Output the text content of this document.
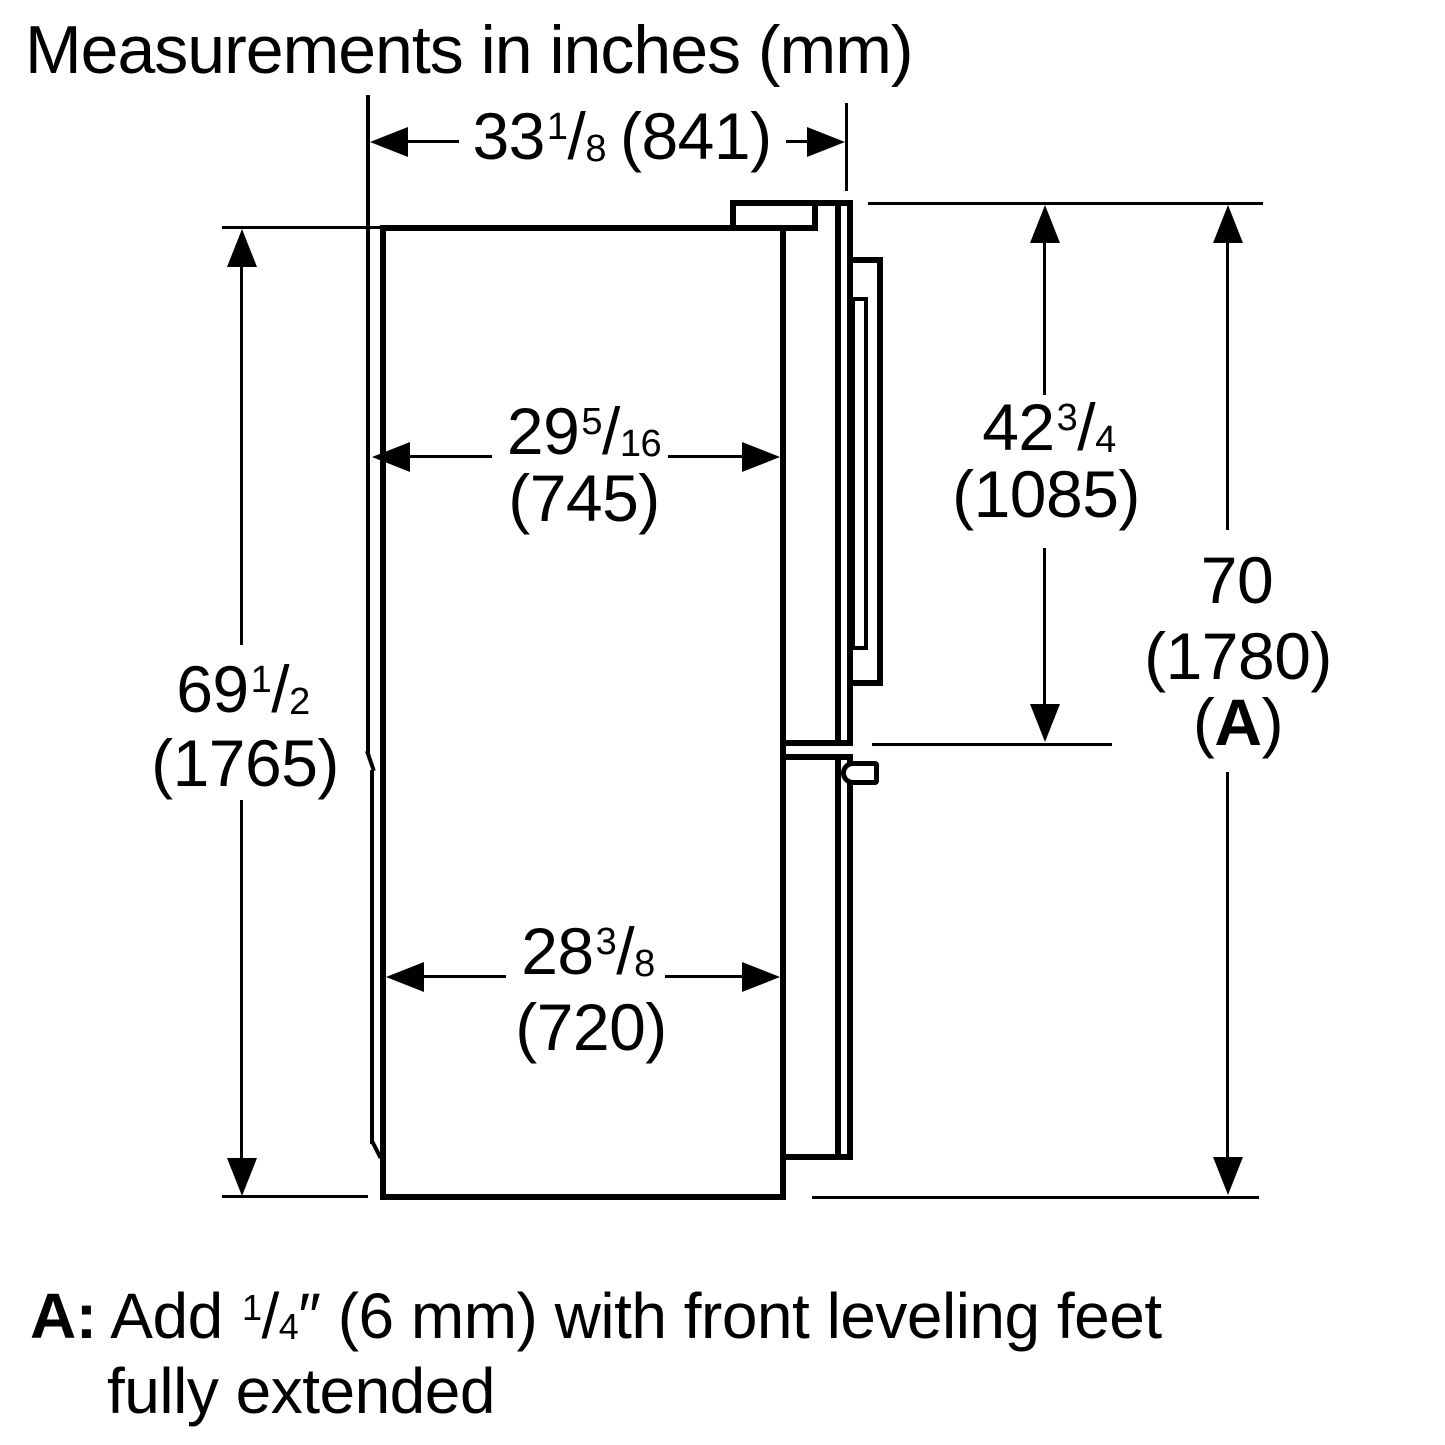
Measurements in inches (mm)
33$^1$/8 (841)
69$^1$/2
(1765)
29$^5$/16
(745)
28$^3$/8
(720)
42$^3$/4
(1085)
70
(1780)
(A)
A: Add $^1$/4″ (6 mm) with front leveling feet
fully extended
